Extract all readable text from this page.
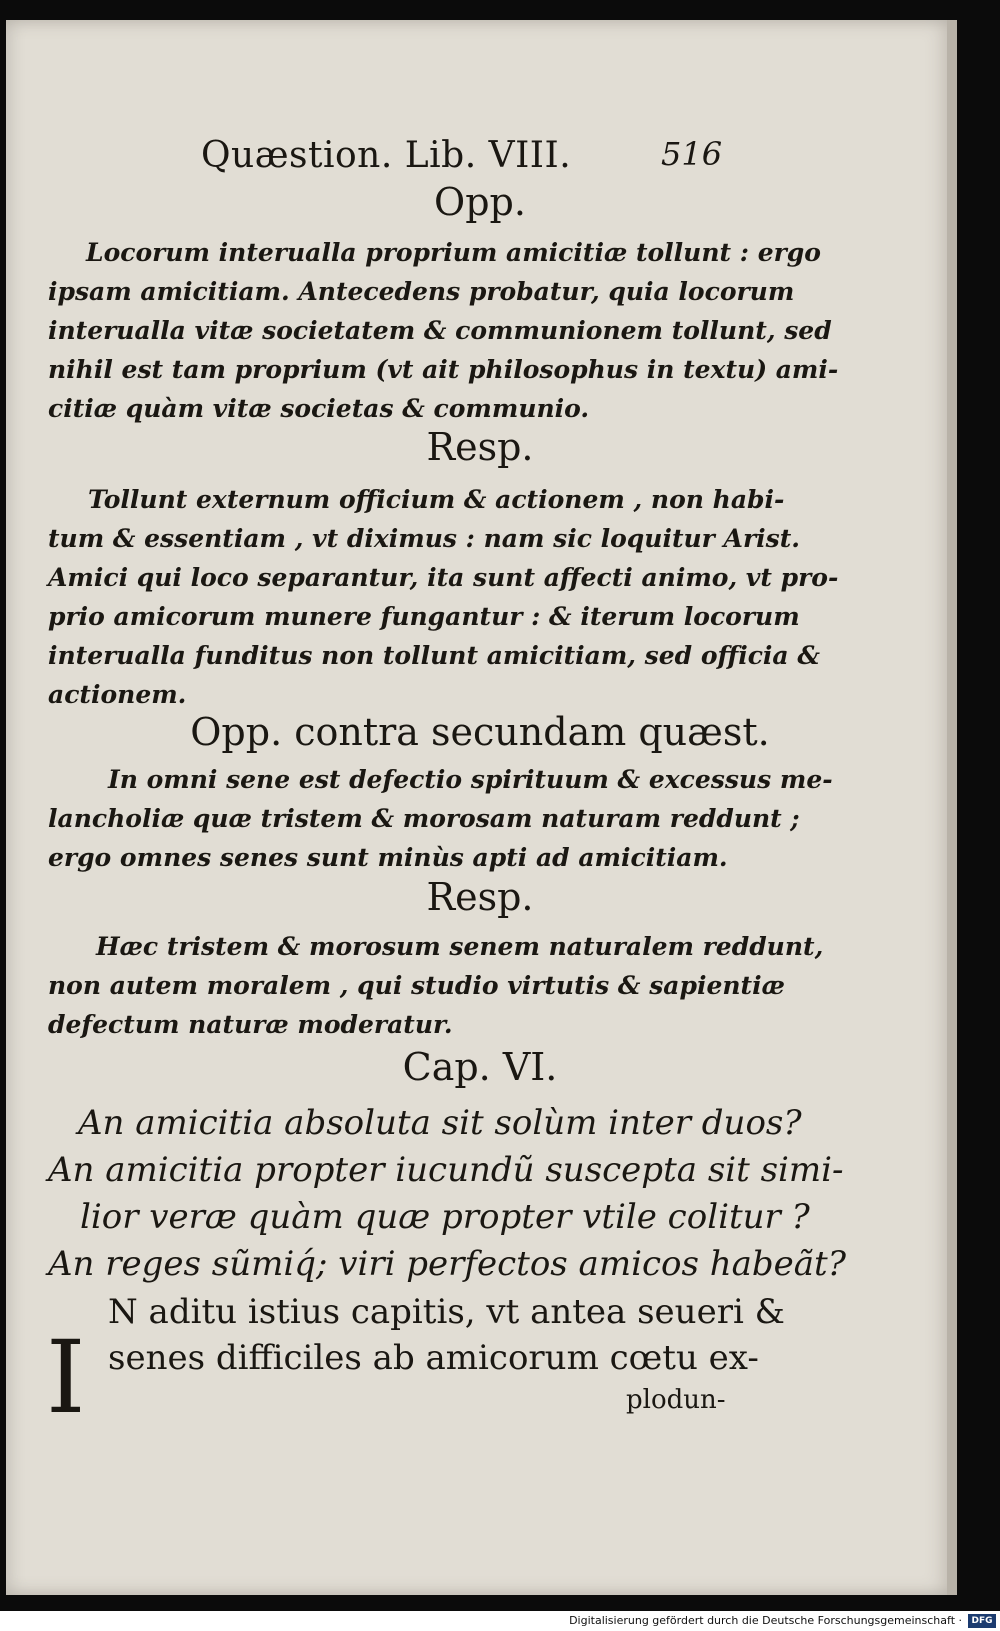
Quæstion. Lib. VIII.	516
Opp.
Locorum interualla proprium amicitiæ tollunt : ergo
ipsam amicitiam. Antecedens probatur, quia locorum
interualla vitæ societatem & communionem tollunt, sed
nihil est tam proprium (vt ait philosophus in textu) ami-
citiæ quàm vitæ societas & communio.
Resp.
Tollunt externum officium & actionem , non habi-
tum & essentiam , vt diximus : nam sic loquitur Arist.
Amici qui loco separantur, ita sunt affecti animo, vt pro-
prio amicorum munere fungantur : & iterum locorum
interualla funditus non tollunt amicitiam, sed officia &
actionem.
Opp. contra secundam quæst.
In omni sene est defectio spirituum & excessus me-
lancholiæ quæ tristem & morosam naturam reddunt ;
ergo omnes senes sunt minùs apti ad amicitiam.
Resp.
Hæc tristem & morosum senem naturalem reddunt,
non autem moralem , qui studio virtutis & sapientiæ
defectum naturæ moderatur.
Cap. VI.
An amicitia absoluta sit solùm inter duos?
An amicitia propter iucundũ suscepta sit simi-
lior veræ quàm quæ propter vtile colitur ?
An reges sũmiq́; viri perfectos amicos habeãt?
I
N aditu istius capitis, vt antea seueri &
senes difficiles ab amicorum cœtu ex-
plodun-
Digitalisierung gefördert durch die Deutsche Forschungsgemeinschaft ·	DFG
